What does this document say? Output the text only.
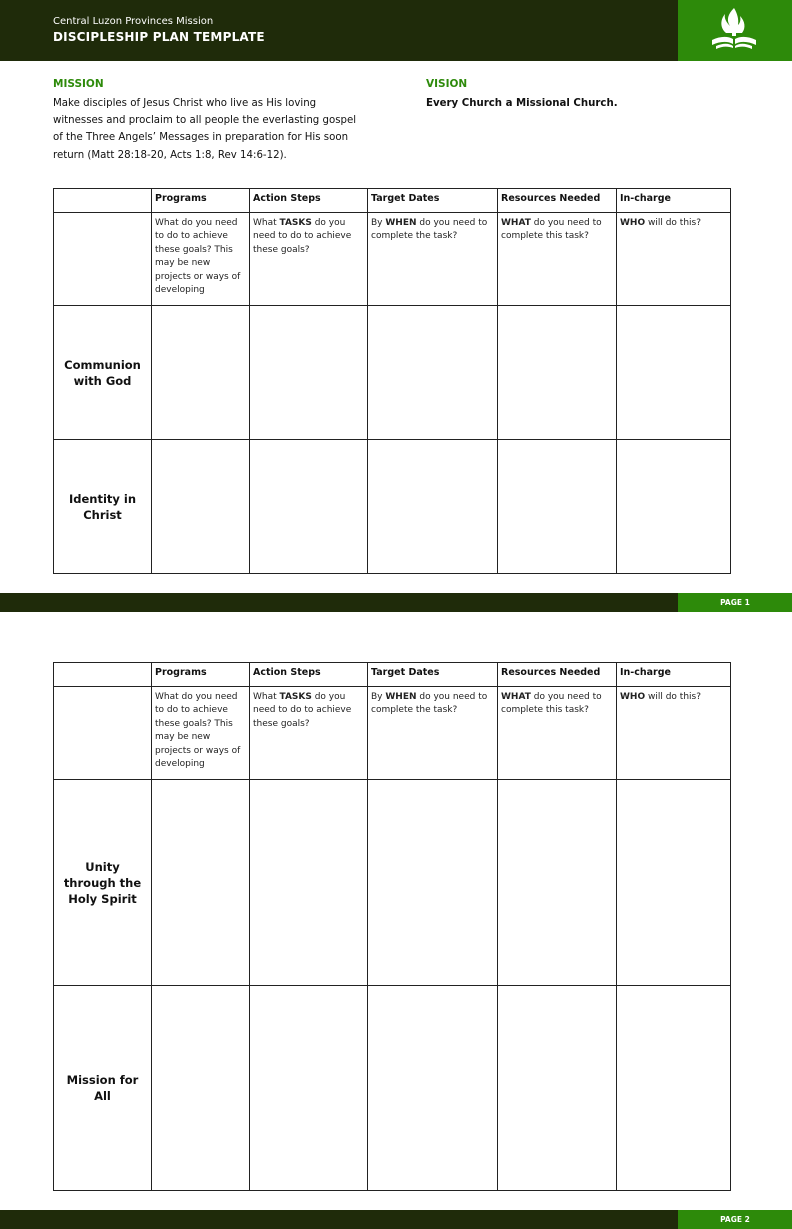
Central Luzon Provinces Mission
DISCIPLESHIP PLAN TEMPLATE
MISSION
Make disciples of Jesus Christ who live as His loving
witnesses and proclaim to all people the everlasting gospel
of the Three Angels’ Messages in preparation for His soon
return (Matt 28:18-20, Acts 1:8, Rev 14:6-12).
VISION
Every Church a Missional Church.
	Programs	Action Steps	Target Dates	Resources Needed	In-charge
	What do you need to do to achieve these goals? This may be new projects or ways of developing	What TASKS do you need to do to achieve these goals?	By WHEN do you need to complete the task?	WHAT do you need to complete this task?	WHO will do this?
Communion with God					
Identity in Christ					
PAGE 1
	Programs	Action Steps	Target Dates	Resources Needed	In-charge
	What do you need to do to achieve these goals? This may be new projects or ways of developing	What TASKS do you need to do to achieve these goals?	By WHEN do you need to complete the task?	WHAT do you need to complete this task?	WHO will do this?
Unity through the Holy Spirit					
Mission for All					
PAGE 2
